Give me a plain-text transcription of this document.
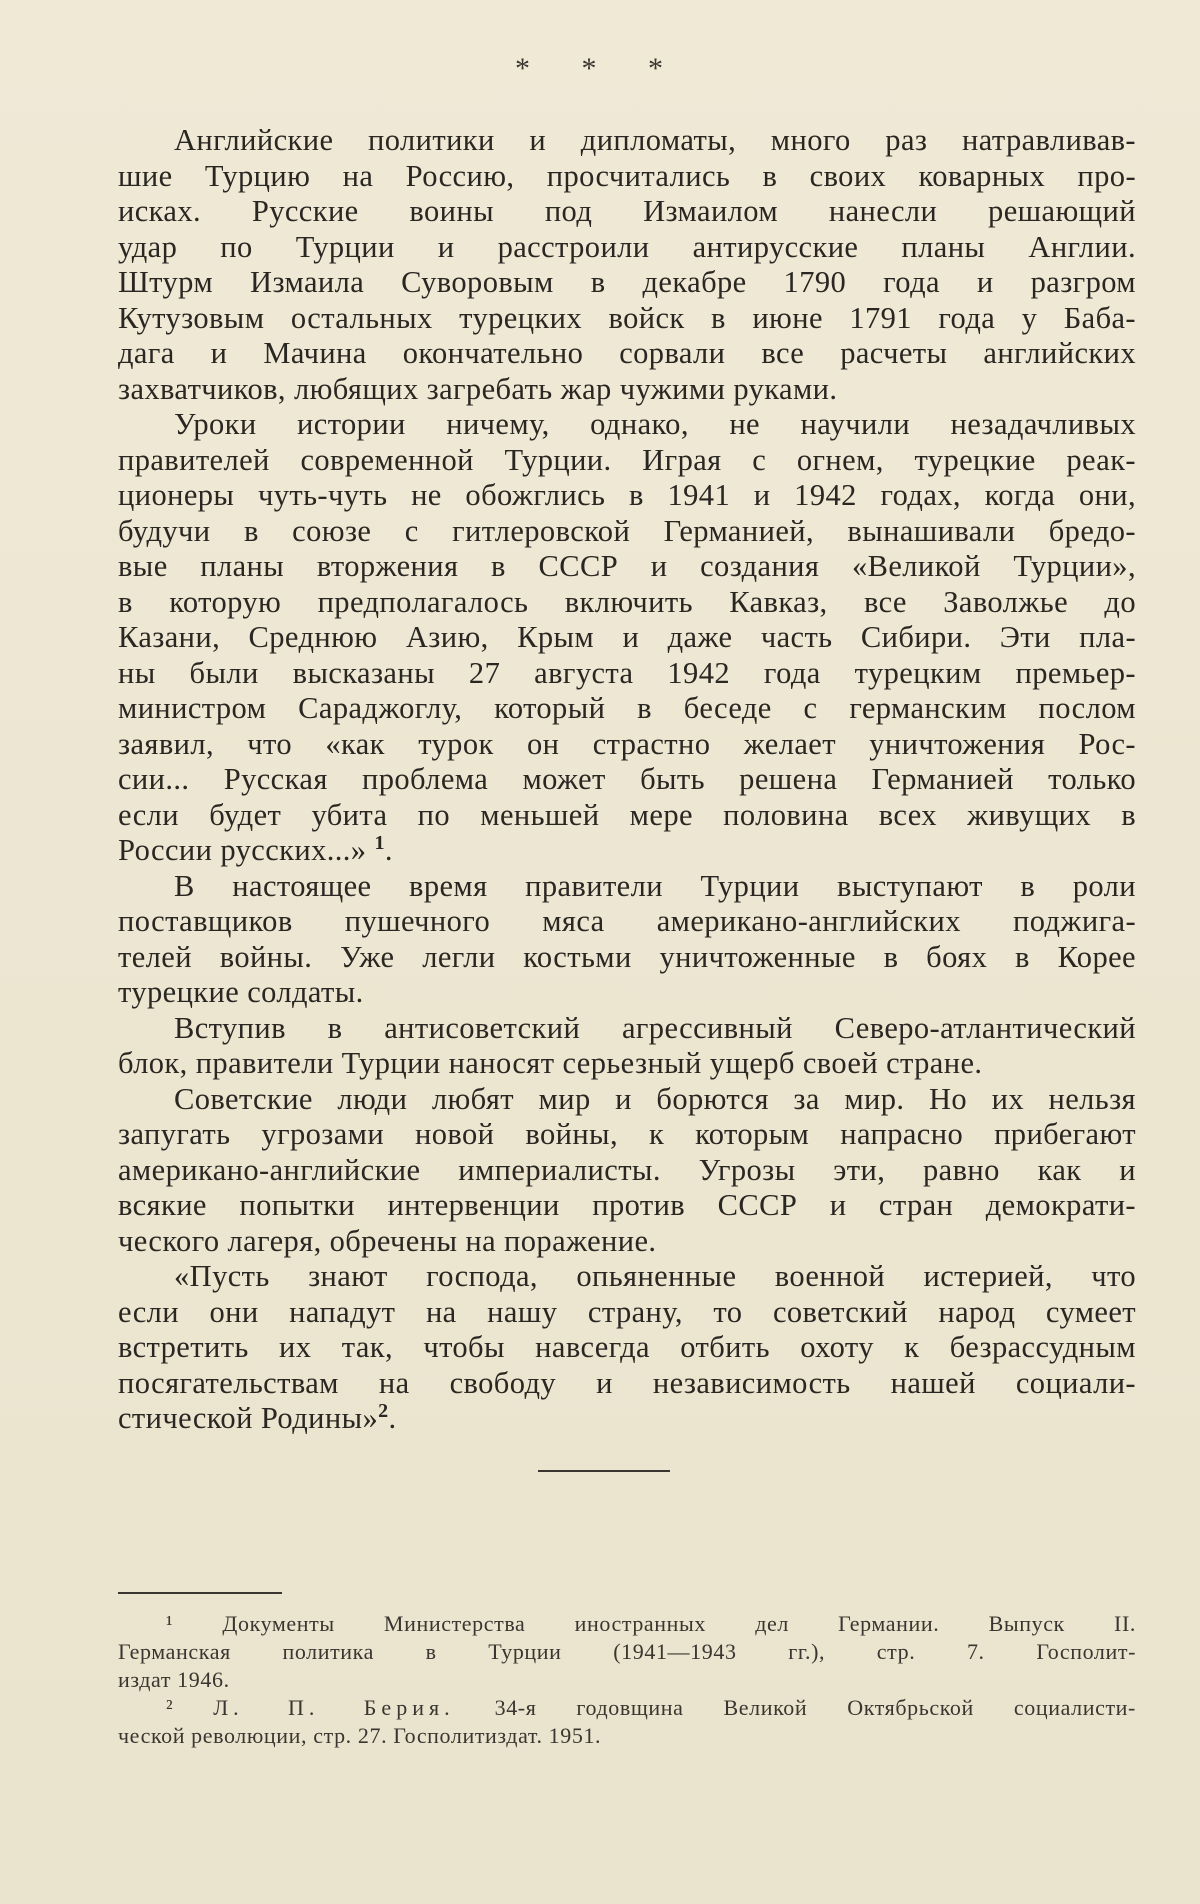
* * *
Английские политики и дипломаты, много раз натравливав-
шие Турцию на Россию, просчитались в своих коварных про-
исках. Русские воины под Измаилом нанесли решающий
удар по Турции и расстроили антирусские планы Англии.
Штурм Измаила Суворовым в декабре 1790 года и разгром
Кутузовым остальных турецких войск в июне 1791 года у Баба-
дага и Мачина окончательно сорвали все расчеты английских
захватчиков, любящих загребать жар чужими руками.
Уроки истории ничему, однако, не научили незадачливых
правителей современной Турции. Играя с огнем, турецкие реак-
ционеры чуть-чуть не обожглись в 1941 и 1942 годах, когда они,
будучи в союзе с гитлеровской Германией, вынашивали бредо-
вые планы вторжения в СССР и создания «Великой Турции»,
в которую предполагалось включить Кавказ, все Заволжье до
Казани, Среднюю Азию, Крым и даже часть Сибири. Эти пла-
ны были высказаны 27 августа 1942 года турецким премьер-
министром Сараджоглу, который в беседе с германским послом
заявил, что «как турок он страстно желает уничтожения Рос-
сии... Русская проблема может быть решена Германией только
если будет убита по меньшей мере половина всех живущих в
России русских...» $^1$.
В настоящее время правители Турции выступают в роли
поставщиков пушечного мяса американо-английских поджига-
телей войны. Уже легли костьми уничтоженные в боях в Корее
турецкие солдаты.
Вступив в антисоветский агрессивный Северо-атлантический
блок, правители Турции наносят серьезный ущерб своей стране.
Советские люди любят мир и борются за мир. Но их нельзя
запугать угрозами новой войны, к которым напрасно прибегают
американо-английские империалисты. Угрозы эти, равно как и
всякие попытки интервенции против СССР и стран демократи-
ческого лагеря, обречены на поражение.
«Пусть знают господа, опьяненные военной истерией, что
если они нападут на нашу страну, то советский народ сумеет
встретить их так, чтобы навсегда отбить охоту к безрассудным
посягательствам на свободу и независимость нашей социали-
стической Родины»$^2$.
¹ Документы Министерства иностранных дел Германии. Выпуск II.
Германская политика в Турции (1941—1943 гг.), стр. 7. Госполит-
издат 1946.
² Л. П. Берия. 34-я годовщина Великой Октябрьской социалисти-
ческой революции, стр. 27. Госполитиздат. 1951.
